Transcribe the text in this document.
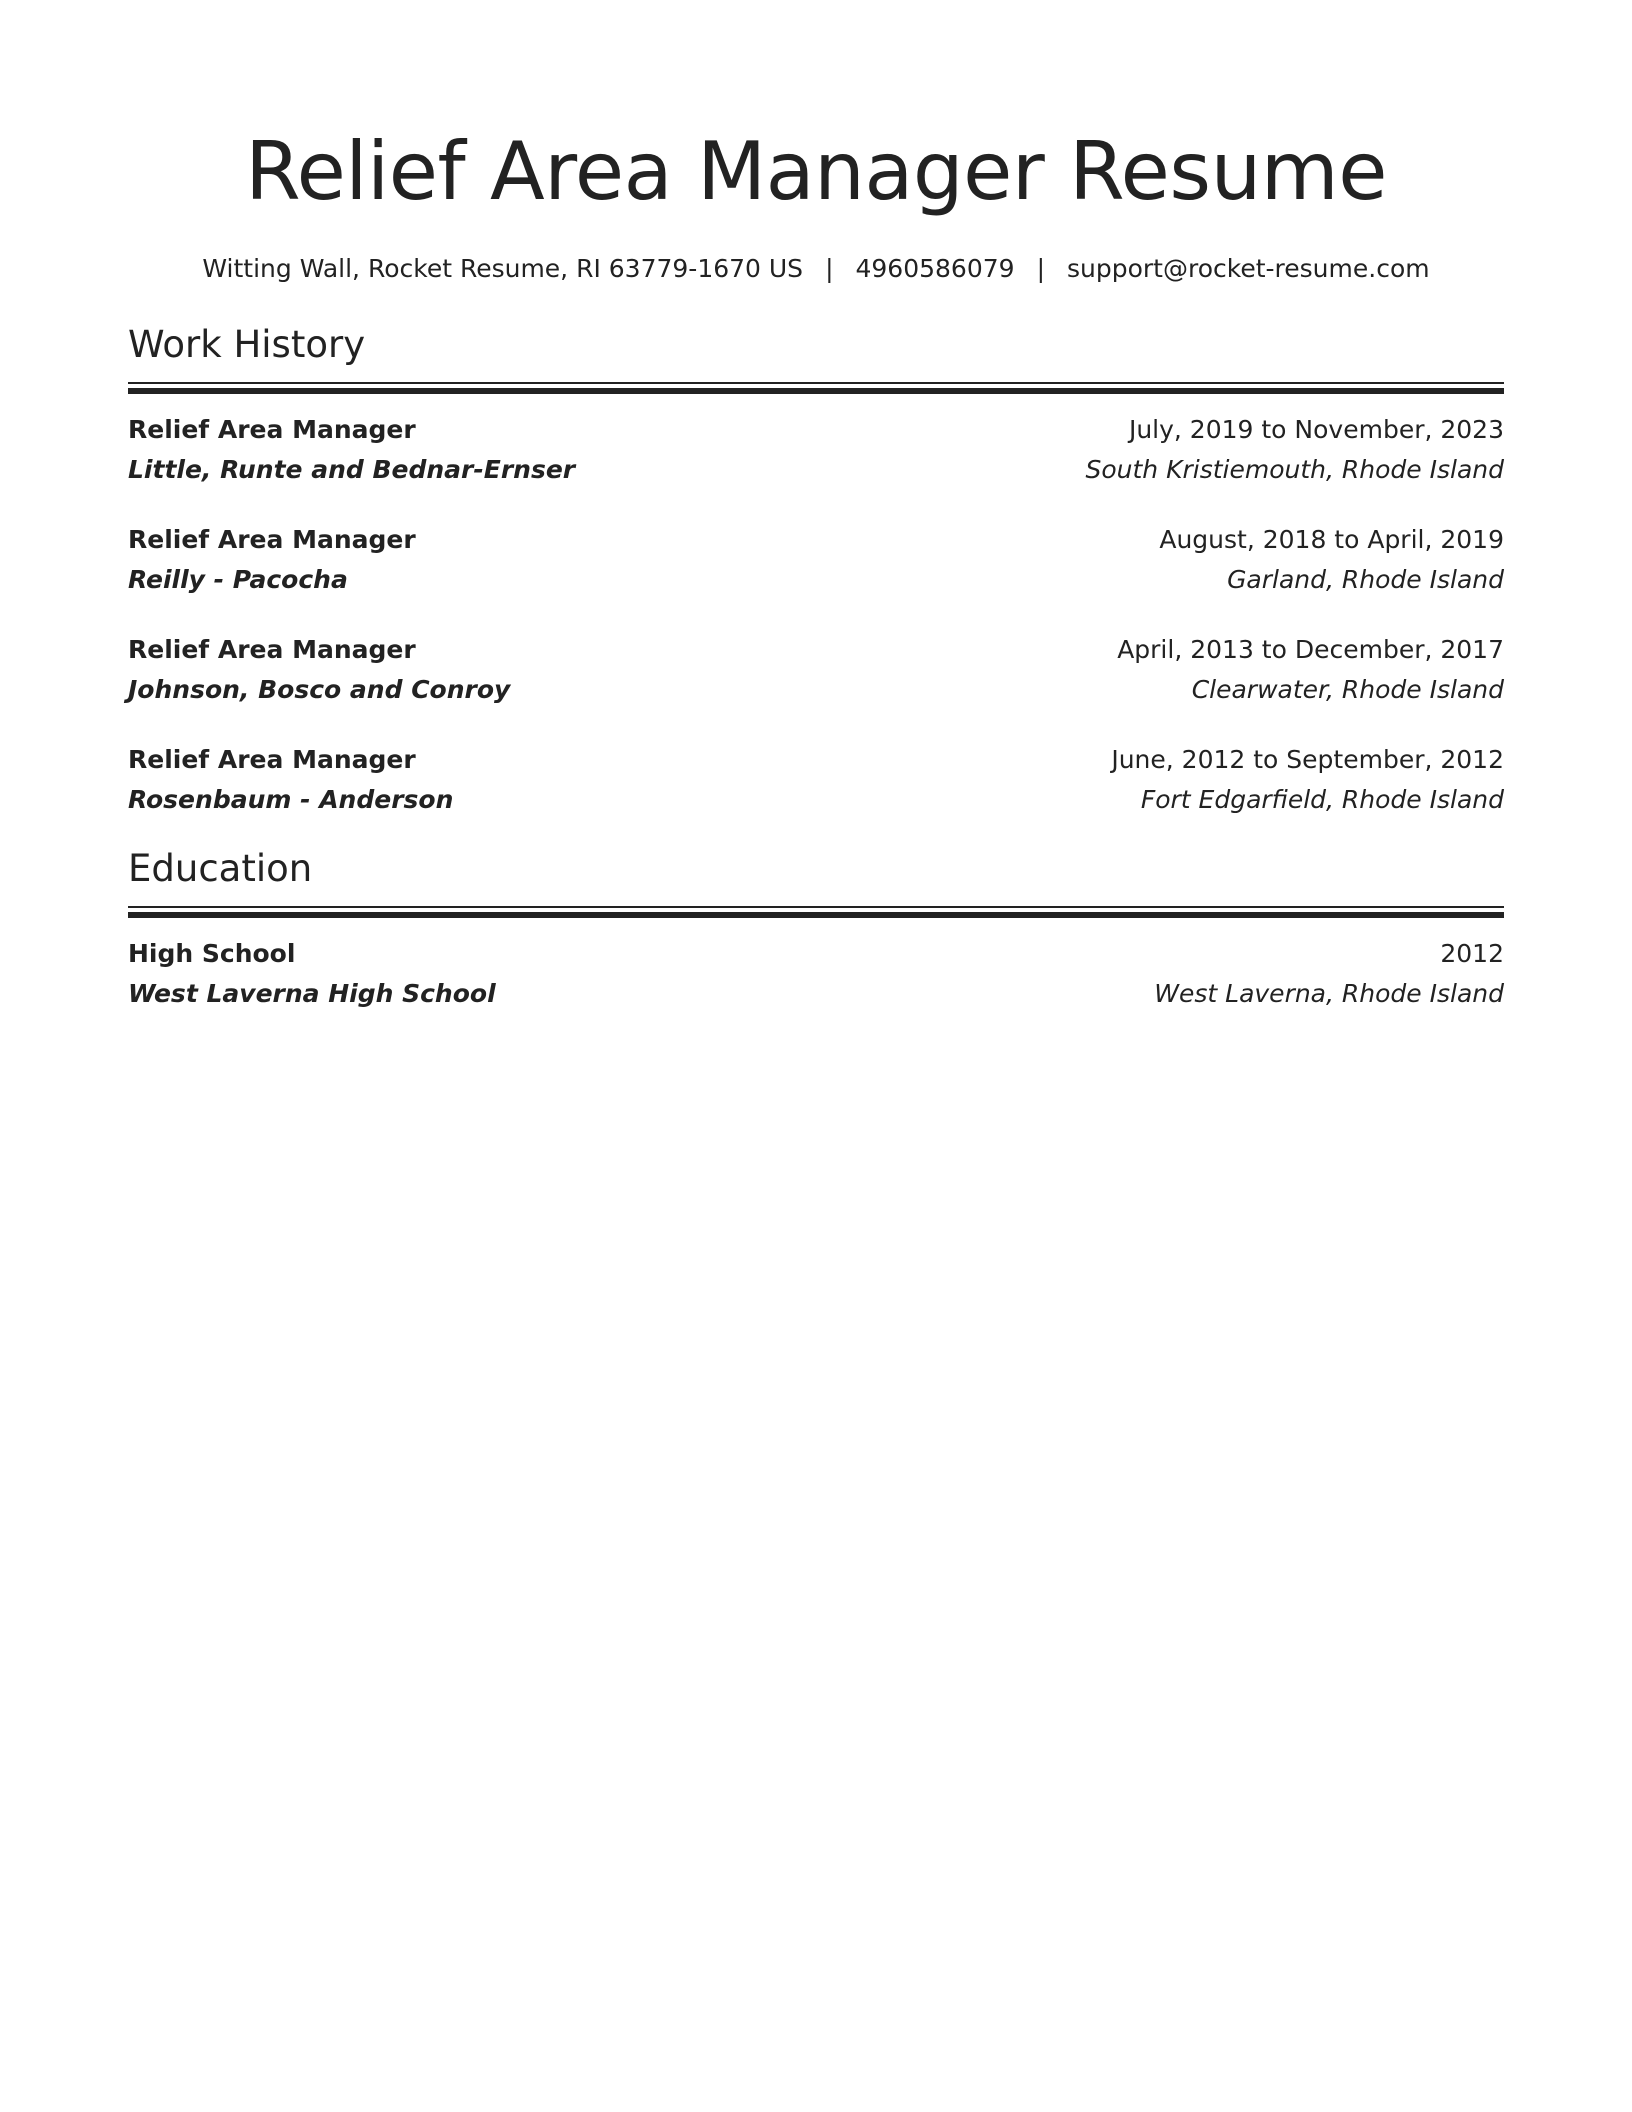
Relief Area Manager Resume
Witting Wall, Rocket Resume, RI 63779-1670 US | 4960586079 | support@rocket-resume.com
Work History
Relief Area Manager	July, 2019 to November, 2023
Little, Runte and Bednar-Ernser	South Kristiemouth, Rhode Island
Relief Area Manager	August, 2018 to April, 2019
Reilly - Pacocha	Garland, Rhode Island
Relief Area Manager	April, 2013 to December, 2017
Johnson, Bosco and Conroy	Clearwater, Rhode Island
Relief Area Manager	June, 2012 to September, 2012
Rosenbaum - Anderson	Fort Edgarfield, Rhode Island
Education
High School	2012
West Laverna High School	West Laverna, Rhode Island
